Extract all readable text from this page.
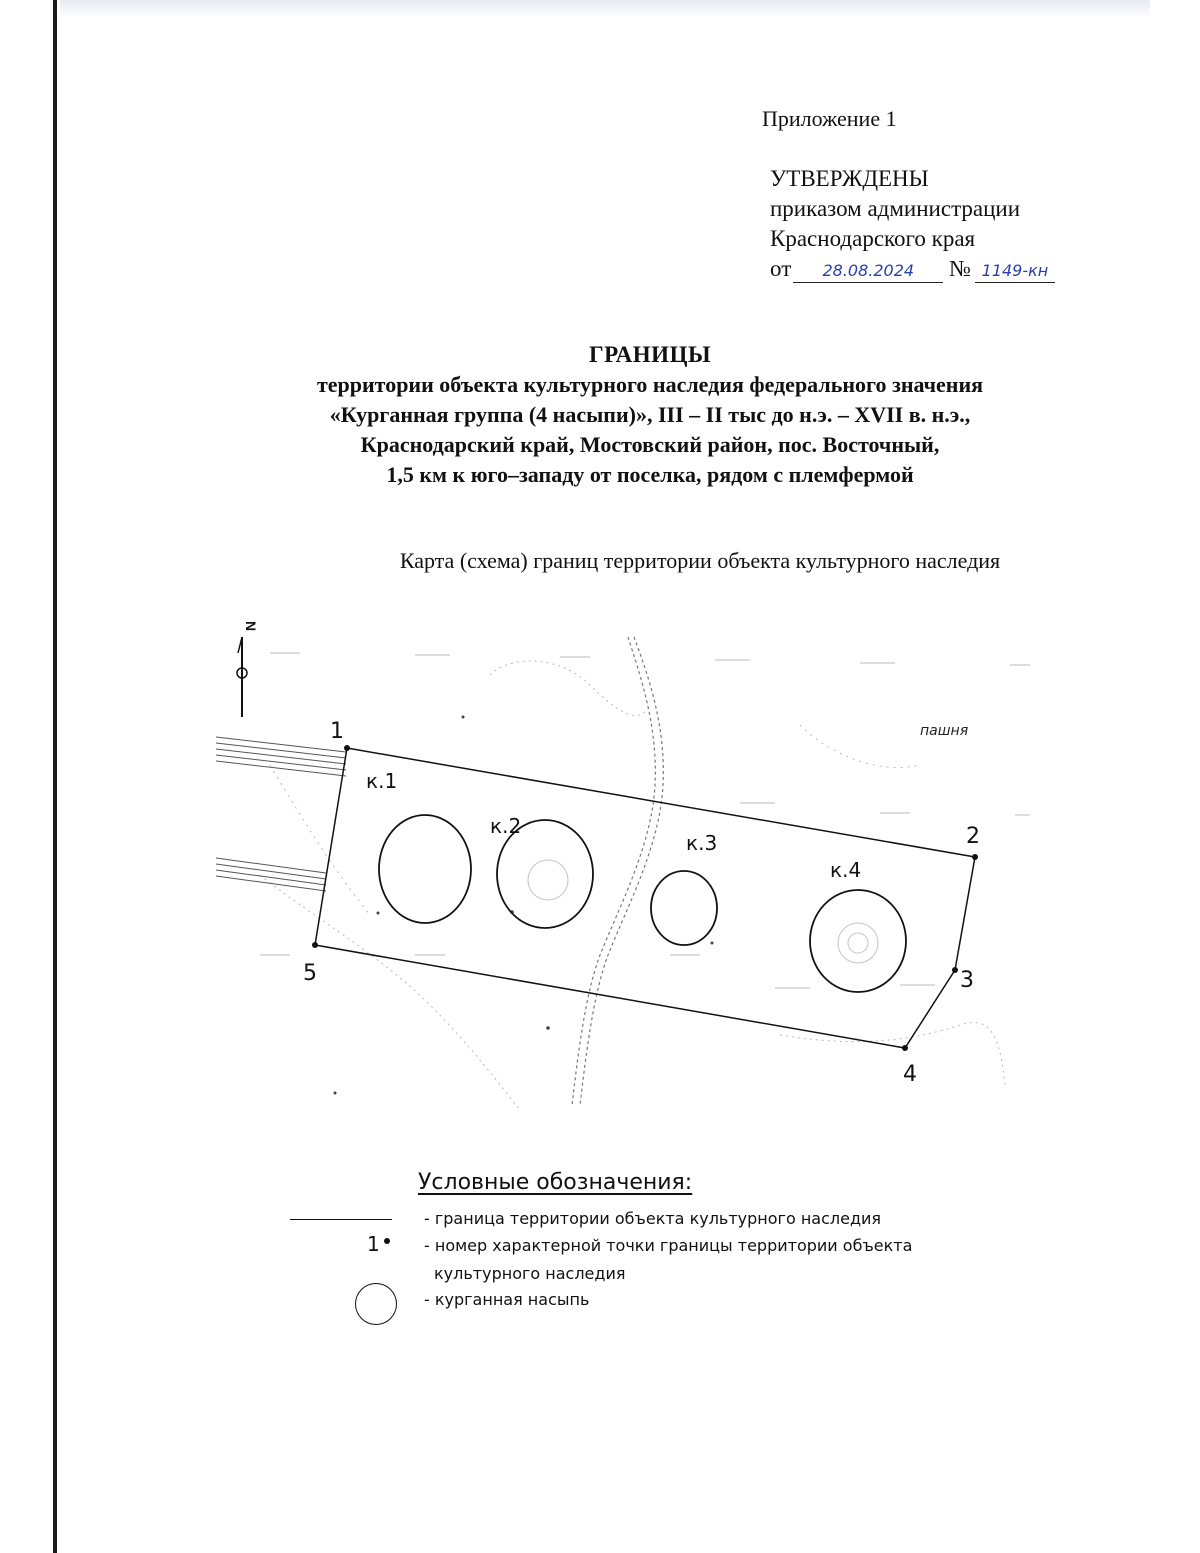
Приложение 1
УТВЕРЖДЕНЫ
приказом администрации
Краснодарского края
от 28.08.2024 № 1149-кн
ГРАНИЦЫ
территории объекта культурного наследия федерального значения
«Курганная группа (4 насыпи)», III – II тыс до н.э. – XVII в. н.э.,
Краснодарский край, Мостовский район, пос. Восточный,
1,5 км к юго–западу от поселка, рядом с племфермой
Карта (схема) границ территории объекта культурного наследия
N
пашня
1
2
3
4
5
к.1
к.2
к.3
к.4
Условные обозначения:
- граница территории объекта культурного наследия
1	- номер характерной точки границы территории объекта
культурного наследия
- курганная насыпь
